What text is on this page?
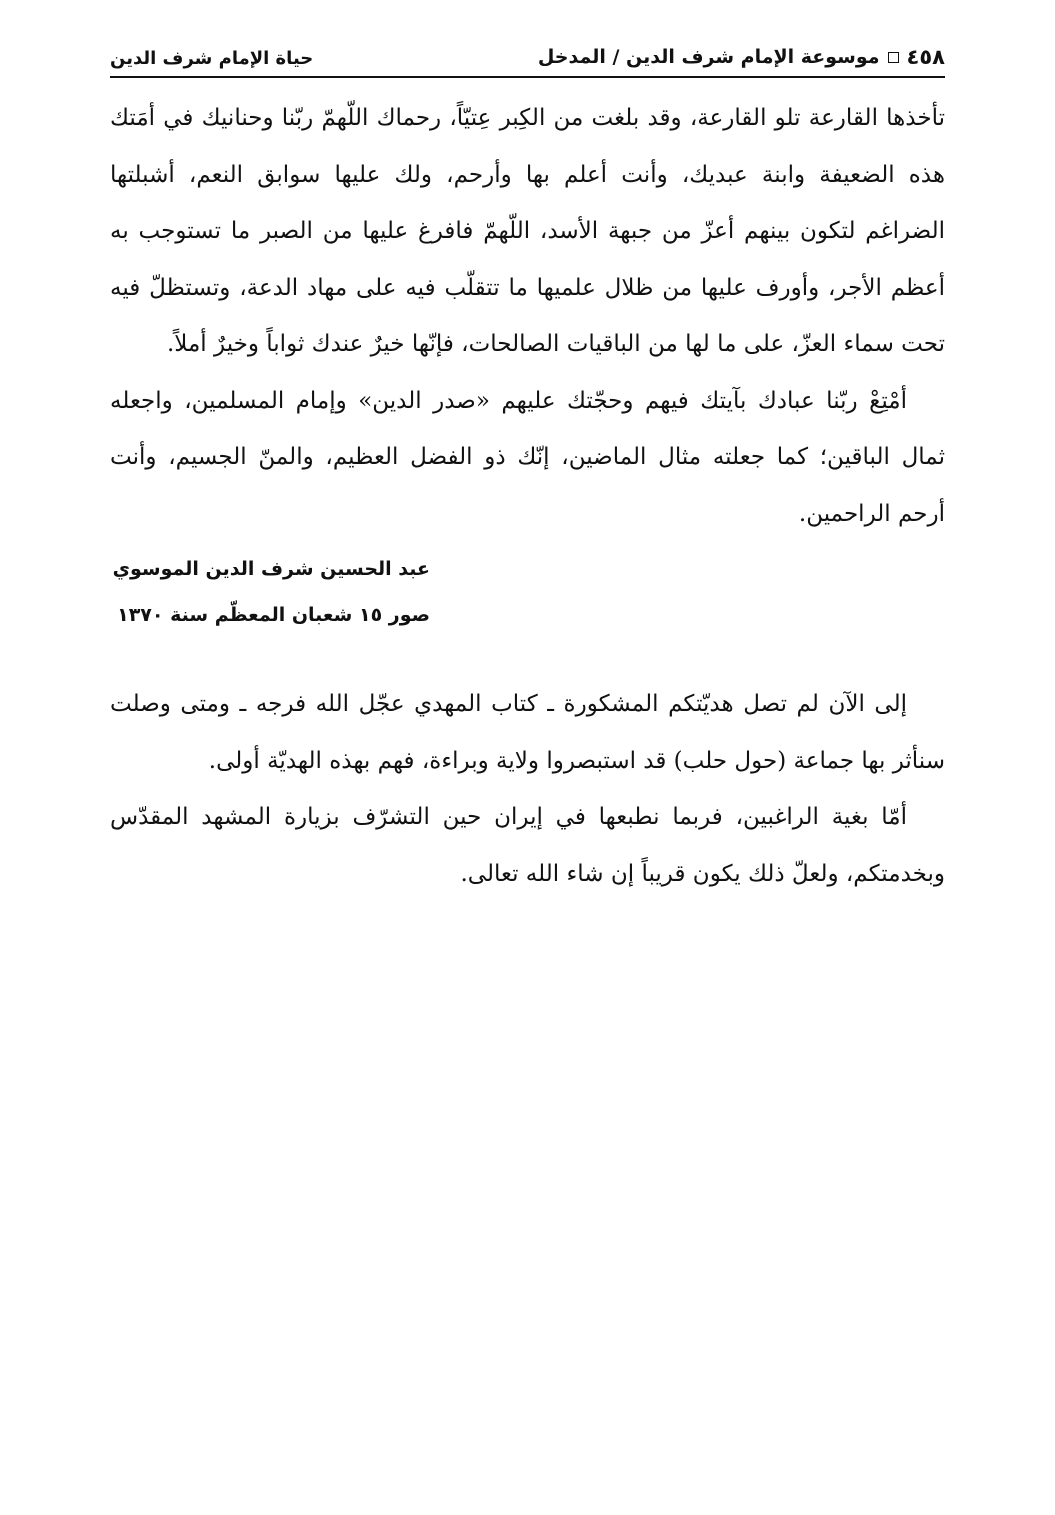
٤٥٨
موسوعة الإمام شرف الدين / المدخل
حياة الإمام شرف الدين

تأخذها القارعة تلو القارعة، وقد بلغت من الكِبر عِتيّاً، رحماك اللّهمّ ربّنا وحنانيك في أمَتك هذه الضعيفة وابنة عبديك، وأنت أعلم بها وأرحم، ولك عليها سوابق النعم، أشبلتها الضراغم لتكون بينهم أعزّ من جبهة الأسد، اللّهمّ فافرغ عليها من الصبر ما تستوجب به أعظم الأجر، وأورف عليها من ظلال علميها ما تتقلّب فيه على مهاد الدعة، وتستظلّ فيه تحت سماء العزّ، على ما لها من الباقيات الصالحات، فإنّها خيرٌ عندك ثواباً وخيرٌ أملاً.

أمْتِعْ ربّنا عبادك بآيتك فيهم وحجّتك عليهم «صدر الدين» وإمام المسلمين، واجعله ثمال الباقين؛ كما جعلته مثال الماضين، إنّك ذو الفضل العظيم، والمنّ الجسيم، وأنت أرحم الراحمين.

عبد الحسين شرف الدين الموسوي
صور ١٥ شعبان المعظّم سنة ١٣٧٠

إلى الآن لم تصل هديّتكم المشكورة ـ كتاب المهدي عجّل الله فرجه ـ ومتى وصلت سنأثر بها جماعة (حول حلب) قد استبصروا ولاية وبراءة، فهم بهذه الهديّة أولى.

أمّا بغية الراغبين، فربما نطبعها في إيران حين التشرّف بزيارة المشهد المقدّس وبخدمتكم، ولعلّ ذلك يكون قريباً إن شاء الله تعالى.
